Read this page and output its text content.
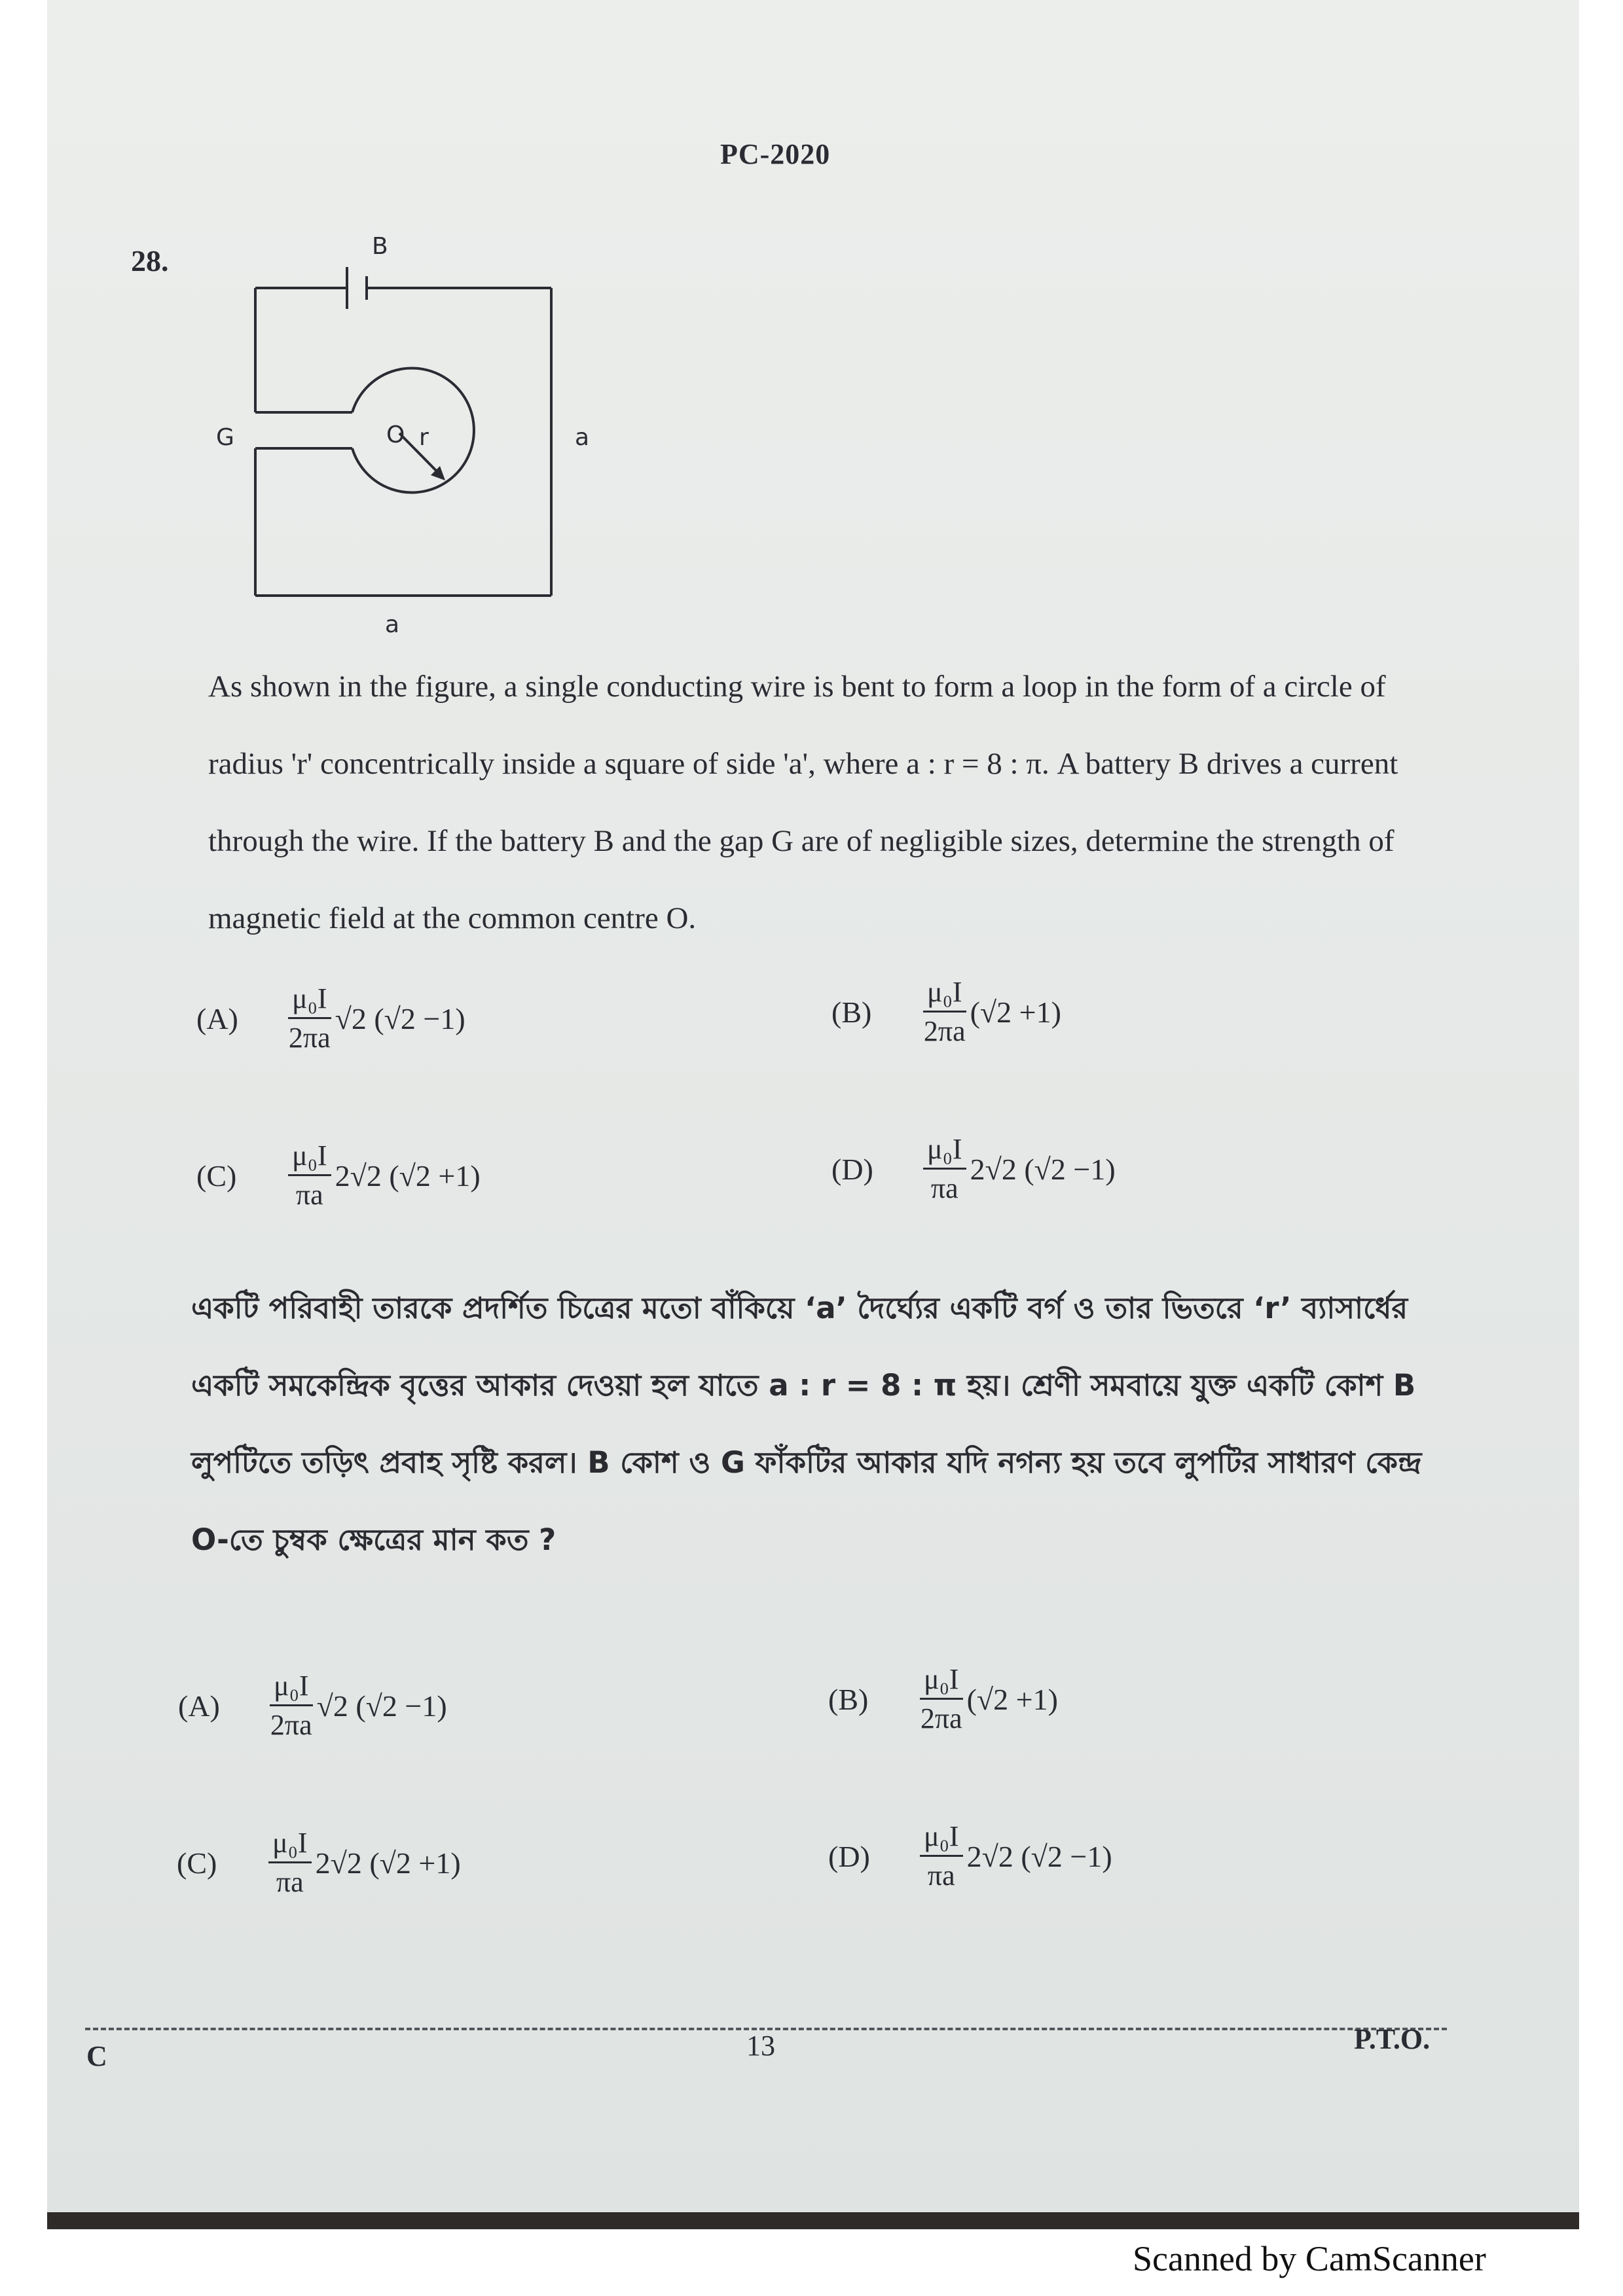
PC-2020
28.	B
G	O r	a
a
As shown in the figure, a single conducting wire is bent to form a loop in the form of a circle of radius 'r' concentrically inside a square of side 'a', where a : r = 8 : π. A battery B drives a current through the wire. If the battery B and the gap G are of negligible sizes, determine the strength of magnetic field at the common centre O.
(A)	$\frac{\text{μ₀I}}{2\pi a} √2$ (√2 −1)	(B)	$\frac{\text{μ₀I}}{2\pi a} (√2 +1)$
(C)	$\frac{\text{μ₀I}}{\pi a} 2√2$ (√2 +1)	(D)	$\frac{\text{μ₀I}}{\pi a} 2√2$ (√2 −1)
একটি পরিবাহী তারকে প্রদর্শিত চিত্রের মতো বাঁকিয়ে ‘a’ দৈর্ঘ্যের একটি বর্গ ও তার ভিতরে ‘r’ ব্যাসার্ধের একটি সমকেন্দ্রিক বৃত্তের আকার দেওয়া হল যাতে a : r = 8 : π হয়। শ্রেণী সমবায়ে যুক্ত একটি কোশ B লুপটিতে তড়িৎ প্রবাহ সৃষ্টি করল। B কোশ ও G ফাঁকটির আকার যদি নগন্য হয় তবে লুপটির সাধারণ কেন্দ্র O-তে চুম্বক ক্ষেত্রের মান কত ?
(A)	$\frac{\text{μ₀I}}{2\pi a} √2$ (√2 −1)	(B)	$\frac{\text{μ₀I}}{2\pi a} (√2 +1)$
(C)	$\frac{\text{μ₀I}}{\pi a} 2√2$ (√2 +1)	(D)	$\frac{\text{μ₀I}}{\pi a} 2√2$ (√2 −1)
C	13	P.T.O.
Scanned by CamScanner
